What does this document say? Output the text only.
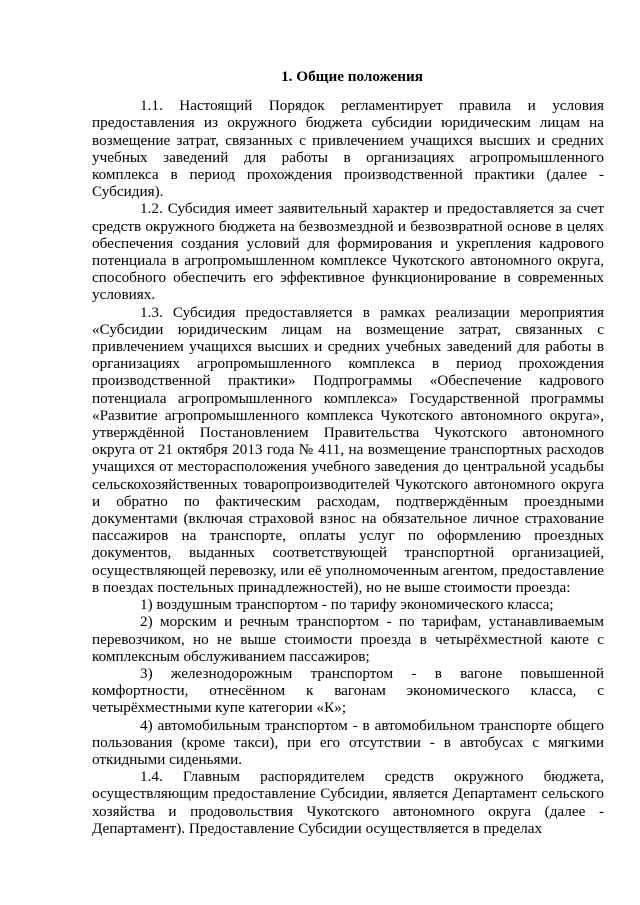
1. Общие положения

1.1. Настоящий Порядок регламентирует правила и условия предоставления из окружного бюджета субсидии юридическим лицам на возмещение затрат, связанных с привлечением учащихся высших и средних учебных заведений для работы в организациях агропромышленного комплекса в период прохождения производственной практики (далее - Субсидия).

1.2. Субсидия имеет заявительный характер и предоставляется за счет средств окружного бюджета на безвозмездной и безвозвратной основе в целях обеспечения создания условий для формирования и укрепления кадрового потенциала в агропромышленном комплексе Чукотского автономного округа, способного обеспечить его эффективное функционирование в современных условиях.

1.3. Субсидия предоставляется в рамках реализации мероприятия «Субсидии юридическим лицам на возмещение затрат, связанных с привлечением учащихся высших и средних учебных заведений для работы в организациях агропромышленного комплекса в период прохождения производственной практики» Подпрограммы «Обеспечение кадрового потенциала агропромышленного комплекса» Государственной программы «Развитие агропромышленного комплекса Чукотского автономного округа», утверждённой Постановлением Правительства Чукотского автономного округа от 21 октября 2013 года № 411, на возмещение транспортных расходов учащихся от месторасположения учебного заведения до центральной усадьбы сельскохозяйственных товаропроизводителей Чукотского автономного округа и обратно по фактическим расходам, подтверждённым проездными документами (включая страховой взнос на обязательное личное страхование пассажиров на транспорте, оплаты услуг по оформлению проездных документов, выданных соответствующей транспортной организацией, осуществляющей перевозку, или её уполномоченным агентом, предоставление в поездах постельных принадлежностей), но не выше стоимости проезда:

1) воздушным транспортом - по тарифу экономического класса;

2) морским и речным транспортом - по тарифам, устанавливаемым перевозчиком, но не выше стоимости проезда в четырёхместной каюте с комплексным обслуживанием пассажиров;

3) железнодорожным транспортом - в вагоне повышенной комфортности, отнесённом к вагонам экономического класса, с четырёхместными купе категории «К»;

4) автомобильным транспортом - в автомобильном транспорте общего пользования (кроме такси), при его отсутствии - в автобусах с мягкими откидными сиденьями.

1.4. Главным распорядителем средств окружного бюджета, осуществляющим предоставление Субсидии, является Департамент сельского хозяйства и продовольствия Чукотского автономного округа (далее - Департамент). Предоставление Субсидии осуществляется в пределах
